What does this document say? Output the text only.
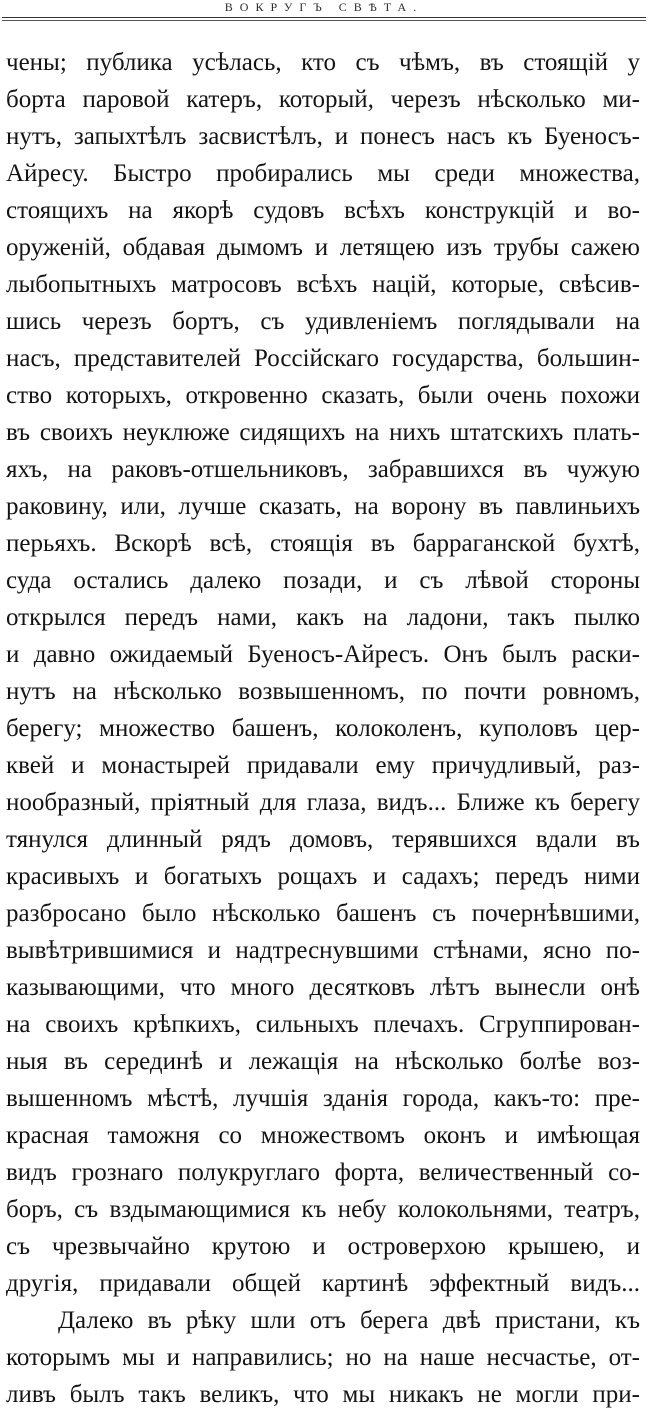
ВОКРУГЪ СВѢТА.
чены; публика усѣлась, кто съ чѣмъ, въ стоящій у
борта паровой катеръ, который, черезъ нѣсколько ми-
нутъ, запыхтѣлъ засвистѣлъ, и понесъ насъ къ Буеносъ-
Айресу. Быстро пробирались мы среди множества,
стоящихъ на якорѣ судовъ всѣхъ конструкцій и во-
оруженій, обдавая дымомъ и летящею изъ трубы сажею
лыбопытныхъ матросовъ всѣхъ націй, которые, свѣсив-
шись черезъ бортъ, съ удивленіемъ поглядывали на
насъ, представителей Россійскаго государства, большин-
ство которыхъ, откровенно сказать, были очень похожи
въ своихъ неуклюже сидящихъ на нихъ штатскихъ плать-
яхъ, на раковъ-отшельниковъ, забравшихся въ чужую
раковину, или, лучше сказать, на ворону въ павлиньихъ
перьяхъ. Вскорѣ всѣ, стоящія въ барраганской бухтѣ,
суда остались далеко позади, и съ лѣвой стороны
открылся передъ нами, какъ на ладони, такъ пылко
и давно ожидаемый Буеносъ-Айресъ. Онъ былъ раски-
нутъ на нѣсколько возвышенномъ, по почти ровномъ,
берегу; множество башенъ, колоколенъ, куполовъ цер-
квей и монастырей придавали ему причудливый, раз-
нообразный, пріятный для глаза, видъ... Ближе къ берегу
тянулся длинный рядъ домовъ, терявшихся вдали въ
красивыхъ и богатыхъ рощахъ и садахъ; передъ ними
разбросано было нѣсколько башенъ съ почернѣвшими,
вывѣтрившимися и надтреснувшими стѣнами, ясно по-
казывающими, что много десятковъ лѣтъ вынесли онѣ
на своихъ крѣпкихъ, сильныхъ плечахъ. Сгруппирован-
ныя въ серединѣ и лежащія на нѣсколько болѣе воз-
вышенномъ мѣстѣ, лучшія зданія города, какъ-то: пре-
красная таможня со множествомъ оконъ и имѣющая
видъ грознаго полукруглаго форта, величественный со-
боръ, съ вздымающимися къ небу колокольнями, театръ,
съ чрезвычайно крутою и островерхою крышею, и
другія, придавали общей картинѣ эффектный видъ...
Далеко въ рѣку шли отъ берега двѣ пристани, къ
которымъ мы и направились; но на наше несчастье, от-
ливъ былъ такъ великъ, что мы никакъ не могли при-
